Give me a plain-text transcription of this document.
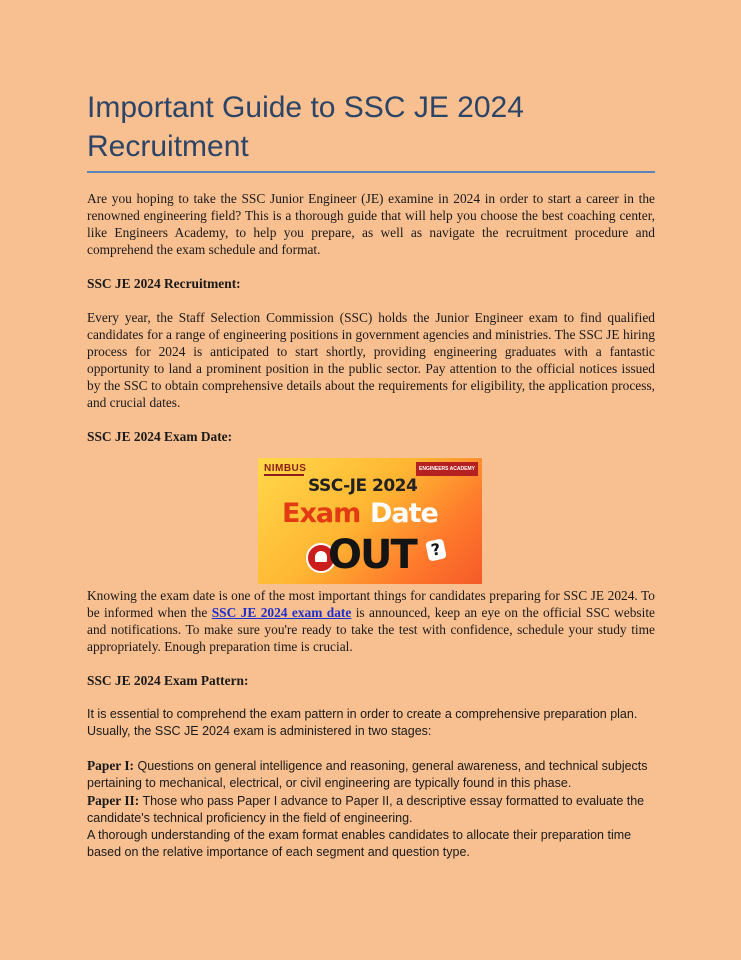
Important Guide to SSC JE 2024 Recruitment

Are you hoping to take the SSC Junior Engineer (JE) examine in 2024 in order to start a career in the renowned engineering field? This is a thorough guide that will help you choose the best coaching center, like Engineers Academy, to help you prepare, as well as navigate the recruitment procedure and comprehend the exam schedule and format.

SSC JE 2024 Recruitment:

Every year, the Staff Selection Commission (SSC) holds the Junior Engineer exam to find qualified candidates for a range of engineering positions in government agencies and ministries. The SSC JE hiring process for 2024 is anticipated to start shortly, providing engineering graduates with a fantastic opportunity to land a prominent position in the public sector. Pay attention to the official notices issued by the SSC to obtain comprehensive details about the requirements for eligibility, the application process, and crucial dates.

SSC JE 2024 Exam Date:
NIMBUS	ENGINEERS ACADEMY
SSC-JE 2024
Exam Date
OUT ?

Knowing the exam date is one of the most important things for candidates preparing for SSC JE 2024. To be informed when the SSC JE 2024 exam date is announced, keep an eye on the official SSC website and notifications. To make sure you're ready to take the test with confidence, schedule your study time appropriately. Enough preparation time is crucial.

SSC JE 2024 Exam Pattern:

It is essential to comprehend the exam pattern in order to create a comprehensive preparation plan. Usually, the SSC JE 2024 exam is administered in two stages:

Paper I: Questions on general intelligence and reasoning, general awareness, and technical subjects pertaining to mechanical, electrical, or civil engineering are typically found in this phase.

Paper II: Those who pass Paper I advance to Paper II, a descriptive essay formatted to evaluate the candidate's technical proficiency in the field of engineering.

A thorough understanding of the exam format enables candidates to allocate their preparation time based on the relative importance of each segment and question type.
